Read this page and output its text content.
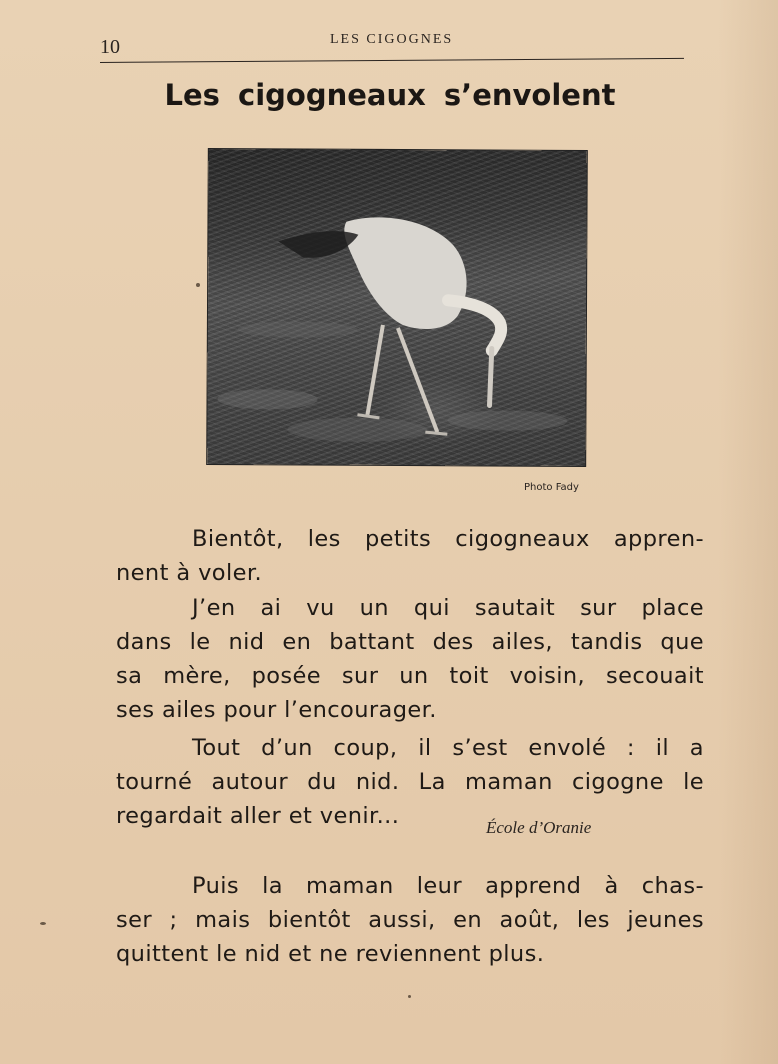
10	LES CIGOGNES
Les cigogneaux s’envolent
Photo Fady
Bientôt, les petits cigogneaux appren-
nent à voler.
J’en ai vu un qui sautait sur place
dans le nid en battant des ailes, tandis que
sa mère, posée sur un toit voisin, secouait
ses ailes pour l’encourager.
Tout d’un coup, il s’est envolé : il a
tourné autour du nid. La maman cigogne le
regardait aller et venir...	École d’Oranie
Puis la maman leur apprend à chas-
ser ; mais bientôt aussi, en août, les jeunes
quittent le nid et ne reviennent plus.
